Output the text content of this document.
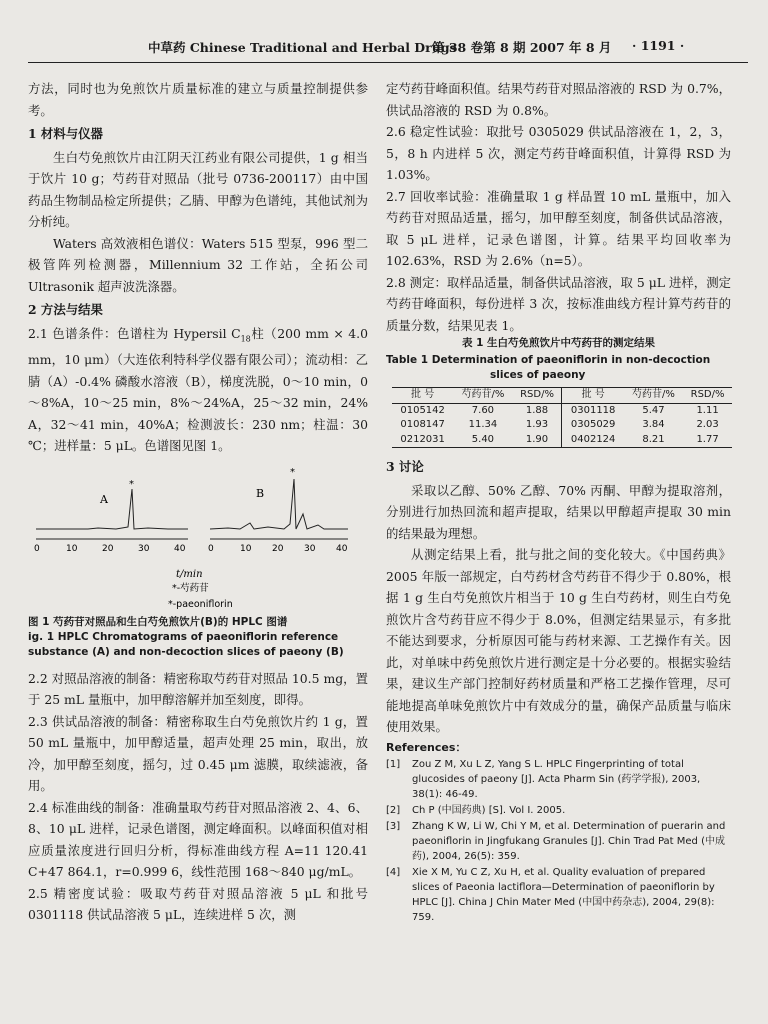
中草药 Chinese Traditional and Herbal Drugs
第 38 卷第 8 期 2007 年 8 月 · 1191 ·

方法，同时也为免煎饮片质量标准的建立与质量控制提供参考。

1 材料与仪器

生白芍免煎饮片由江阴天江药业有限公司提供，1 g 相当于饮片 10 g；芍药苷对照品（批号 0736-200117）由中国药品生物制品检定所提供；乙腈、甲醇为色谱纯，其他试剂为分析纯。

Waters 高效液相色谱仪：Waters 515 型泵，996 型二极管阵列检测器，Millennium 32 工作站，全拓公司 Ultrasonik 超声波洗涤器。

2 方法与结果

2.1 色谱条件：色谱柱为 Hypersil $C_{18}$柱（200 mm × 4.0 mm，10 μm）（大连依利特科学仪器有限公司）；流动相：乙腈（A）-0.4% 磷酸水溶液（B），梯度洗脱，0～10 min，0～8%A，10～25 min，8%～24%A，25～32 min，24% A，32～41 min，40%A；检测波长：230 nm；柱温：30 ℃；进样量：5 μL。色谱图见图 1。

*
A
*
B
0	10	20	30	40	0	10 20 30 40
t/min
*-芍药苷
*-paeoniflorin
图 1 芍药苷对照品和生白芍免煎饮片(B)的 HPLC 图谱
ig. 1 HPLC Chromatograms of paeoniflorin reference substance (A) and non-decoction slices of paeony (B)

2.2 对照品溶液的制备：精密称取芍药苷对照品 10.5 mg，置于 25 mL 量瓶中，加甲醇溶解并加至刻度，即得。

2.3 供试品溶液的制备：精密称取生白芍免煎饮片约 1 g，置 50 mL 量瓶中，加甲醇适量，超声处理 25 min，取出，放冷，加甲醇至刻度，摇匀，过 0.45 μm 滤膜，取续滤液，备用。

2.4 标准曲线的制备：准确量取芍药苷对照品溶液 2、4、6、8、10 μL 进样，记录色谱图，测定峰面积。以峰面积值对相应质量浓度进行回归分析，得标准曲线方程 A=11 120.41 C+47 864.1，r=0.999 6，线性范围 168～840 μg/mL。

2.5 精密度试验：吸取芍药苷对照品溶液 5 μL 和批号 0301118 供试品溶液 5 μL，连续进样 5 次，测

定芍药苷峰面积值。结果芍药苷对照品溶液的 RSD 为 0.7%，供试品溶液的 RSD 为 0.8%。

2.6 稳定性试验：取批号 0305029 供试品溶液在 1，2，3，5，8 h 内进样 5 次，测定芍药苷峰面积值，计算得 RSD 为 1.03%。

2.7 回收率试验：准确量取 1 g 样品置 10 mL 量瓶中，加入芍药苷对照品适量，摇匀，加甲醇至刻度，制备供试品溶液，取 5 μL 进样，记录色谱图，计算。结果平均回收率为 102.63%，RSD 为 2.6%（n=5）。

2.8 测定：取样品适量，制备供试品溶液，取 5 μL 进样，测定芍药苷峰面积，每份进样 3 次，按标准曲线方程计算芍药苷的质量分数，结果见表 1。

表 1 生白芍免煎饮片中芍药苷的测定结果
Table 1 Determination of paeoniflorin in non-decoction
slices of paeony
批 号	芍药苷/%	RSD/%	批 号	芍药苷/%	RSD/%
0105142	7.60	1.88	0301118	5.47	1.11
0108147	11.34	1.93	0305029	3.84	2.03
0212031	5.40	1.90	0402124	8.21	1.77

3 讨论

采取以乙醇、50% 乙醇、70% 丙酮、甲醇为提取溶剂，分别进行加热回流和超声提取，结果以甲醇超声提取 30 min 的结果最为理想。

从测定结果上看，批与批之间的变化较大。《中国药典》2005 年版一部规定，白芍药材含芍药苷不得少于 0.80%，根据 1 g 生白芍免煎饮片相当于 10 g 生白芍药材，则生白芍免煎饮片含芍药苷应不得少于 8.0%，但测定结果显示，有多批不能达到要求，分析原因可能与药材来源、工艺操作有关。因此，对单味中药免煎饮片进行测定是十分必要的。根据实验结果，建议生产部门控制好药材质量和严格工艺操作管理，尽可能地提高单味免煎饮片中有效成分的量，确保产品质量与临床使用效果。

References：
[1]	Zou Z M, Xu L Z, Yang S L. HPLC Fingerprinting of total glucosides of paeony [J]. Acta Pharm Sin (药学学报), 2003, 38(1): 46-49.
[2]	Ch P (中国药典) [S]. Vol I. 2005.
[3]	Zhang K W, Li W, Chi Y M, et al. Determination of puerarin and paeoniflorin in Jingfukang Granules [J]. Chin Trad Pat Med (中成药), 2004, 26(5): 359.
[4]	Xie X M, Yu C Z, Xu H, et al. Quality evaluation of prepared slices of Paeonia lactiflora—Determination of paeoniflorin by HPLC [J]. China J Chin Mater Med (中国中药杂志), 2004, 29(8): 759.
